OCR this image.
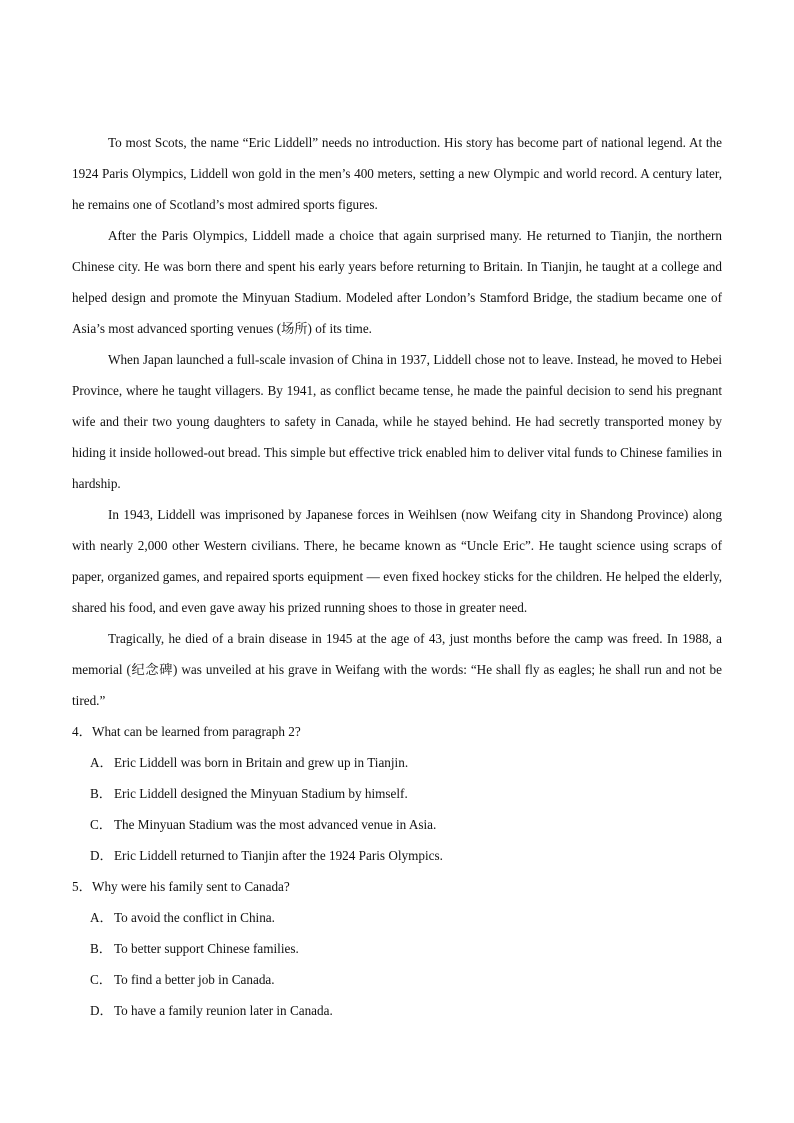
To most Scots, the name “Eric Liddell” needs no introduction. His story has become part of national legend. At the 1924 Paris Olympics, Liddell won gold in the men’s 400 meters, setting a new Olympic and world record. A century later, he remains one of Scotland’s most admired sports figures.

After the Paris Olympics, Liddell made a choice that again surprised many. He returned to Tianjin, the northern Chinese city. He was born there and spent his early years before returning to Britain. In Tianjin, he taught at a college and helped design and promote the Minyuan Stadium. Modeled after London’s Stamford Bridge, the stadium became one of Asia’s most advanced sporting venues (场所) of its time.

When Japan launched a full-scale invasion of China in 1937, Liddell chose not to leave. Instead, he moved to Hebei Province, where he taught villagers. By 1941, as conflict became tense, he made the painful decision to send his pregnant wife and their two young daughters to safety in Canada, while he stayed behind. He had secretly transported money by hiding it inside hollowed-out bread. This simple but effective trick enabled him to deliver vital funds to Chinese families in hardship.

In 1943, Liddell was imprisoned by Japanese forces in Weihlsen (now Weifang city in Shandong Province) along with nearly 2,000 other Western civilians. There, he became known as “Uncle Eric”. He taught science using scraps of paper, organized games, and repaired sports equipment — even fixed hockey sticks for the children. He helped the elderly, shared his food, and even gave away his prized running shoes to those in greater need.

Tragically, he died of a brain disease in 1945 at the age of 43, just months before the camp was freed. In 1988, a memorial (纪念碑) was unveiled at his grave in Weifang with the words: “He shall fly as eagles; he shall run and not be tired.”

4．What can be learned from paragraph 2?

A．Eric Liddell was born in Britain and grew up in Tianjin.

B． Eric Liddell designed the Minyuan Stadium by himself.

C． The Minyuan Stadium was the most advanced venue in Asia.

D．Eric Liddell returned to Tianjin after the 1924 Paris Olympics.

5．Why were his family sent to Canada?

A．To avoid the conflict in China.

B． To better support Chinese families.

C． To find a better job in Canada.

D．To have a family reunion later in Canada.
